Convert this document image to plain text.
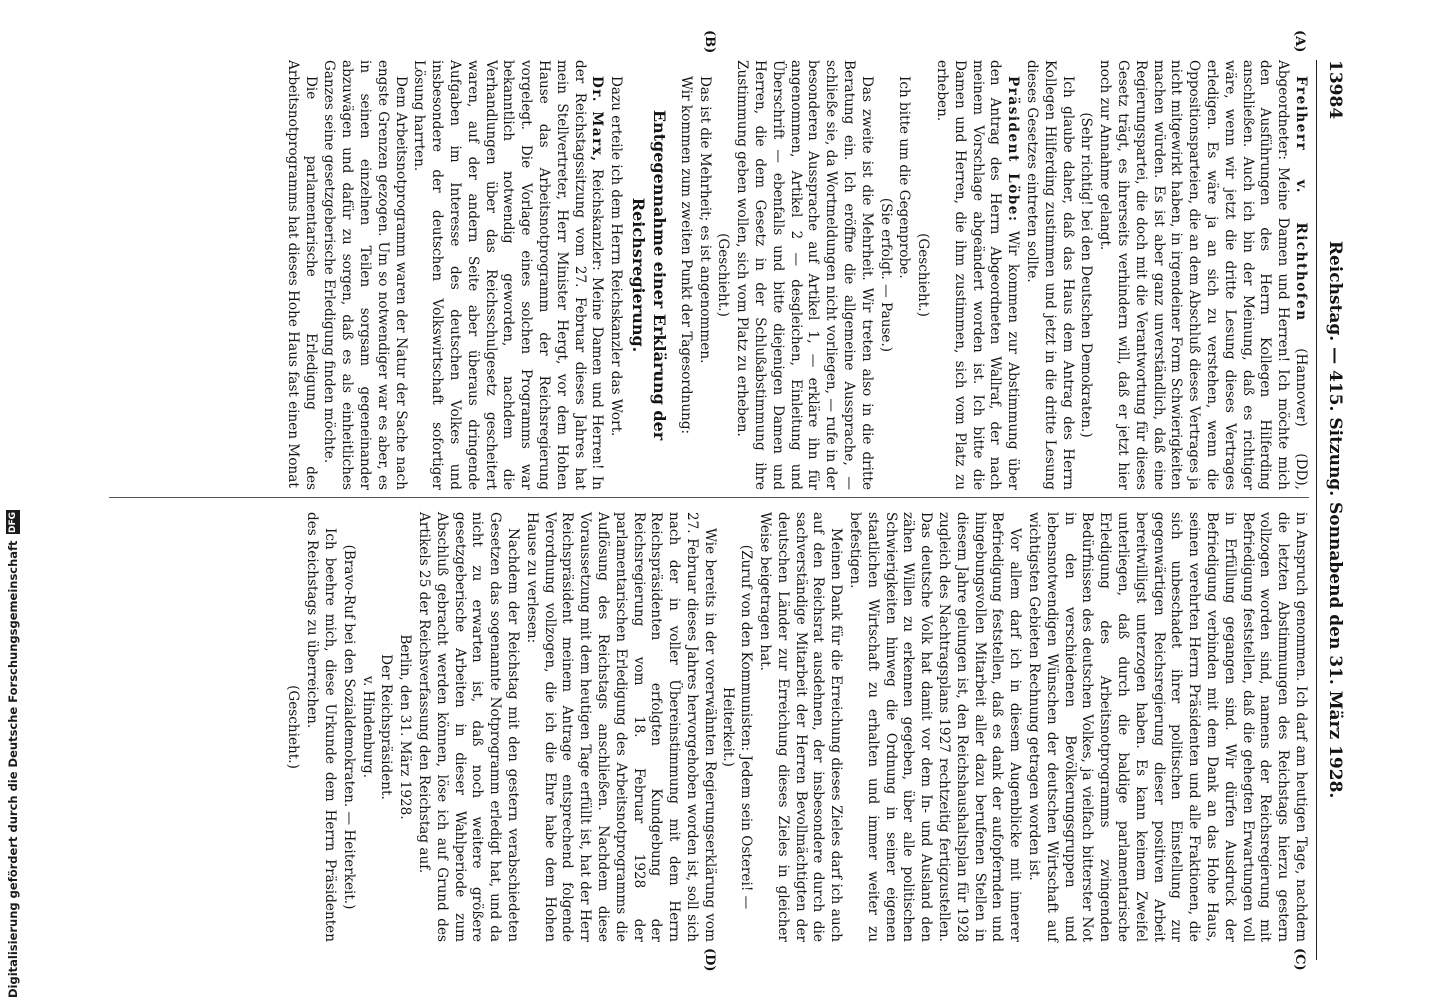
13984
Reichstag. — 415. Sitzung. Sonnabend den 31. März 1928.
(A)
(B)
(C)
(D)

Freiherr v. Richthofen (Hannover) (DD), Abgeordneter: Meine Damen und Herren! Ich möchte mich den Ausführungen des Herrn Kollegen Hilferding anschließen. Auch ich bin der Meinung, daß es richtiger wäre, wenn wir jetzt die dritte Lesung dieses Vertrages erledigen. Es wäre ja an sich zu verstehen, wenn die Oppositionsparteien, die an dem Abschluß dieses Vertrages ja nicht mitgewirkt haben, in irgendeiner Form Schwierigkeiten machen würden. Es ist aber ganz unverständlich, daß eine Regierungspartei, die doch mit die Verantwortung für dieses Gesetz trägt, es ihrerseits verhindern will, daß er jetzt hier noch zur Annahme gelangt.

(Sehr richtig! bei den Deutschen Demokraten.)

Ich glaube daher, daß das Haus dem Antrag des Herrn Kollegen Hilferding zustimmen und jetzt in die dritte Lesung dieses Gesetzes eintreten sollte.

Präsident Löbe: Wir kommen zur Abstimmung über den Antrag des Herrn Abgeordneten Wallraf, der nach meinem Vorschlage abgeändert worden ist. Ich bitte die Damen und Herren, die ihm zustimmen, sich vom Platz zu erheben.

(Geschieht.)

Ich bitte um die Gegenprobe.

(Sie erfolgt. — Pause.)

Das zweite ist die Mehrheit. Wir treten also in die dritte Beratung ein. Ich eröffne die allgemeine Aussprache, — schließe sie, da Wortmeldungen nicht vorliegen, — rufe in der besonderen Aussprache auf Artikel 1, — erkläre ihn für angenommen, Artikel 2 — desgleichen, Einleitung und Überschrift — ebenfalls und bitte diejenigen Damen und Herren, die dem Gesetz in der Schlußabstimmung ihre Zustimmung geben wollen, sich vom Platz zu erheben.

(Geschieht.)

Das ist die Mehrheit; es ist angenommen.

Wir kommen zum zweiten Punkt der Tagesordnung:

Entgegennahme einer Erklärung der Reichsregierung.

Dazu erteile ich dem Herrn Reichskanzler das Wort.

Dr. Marx, Reichskanzler: Meine Damen und Herren! In der Reichstagssitzung vom 27. Februar dieses Jahres hat mein Stellvertreter, Herr Minister Hergt, vor dem Hohen Hause das Arbeitsnotprogramm der Reichsregierung vorgelegt. Die Vorlage eines solchen Programms war bekanntlich notwendig geworden, nachdem die Verhandlungen über das Reichsschulgesetz gescheitert waren, auf der andern Seite aber überaus dringende Aufgaben im Interesse des deutschen Volkes und insbesondere der deutschen Volkswirtschaft sofortiger Lösung harrten.

Dem Arbeitsnotprogramm waren der Natur der Sache nach engste Grenzen gezogen. Um so notwendiger war es aber, es in seinen einzelnen Teilen sorgsam gegeneinander abzuwägen und dafür zu sorgen, daß es als einheitliches Ganzes seine gesetzgeberische Erledigung finden möchte.

Die parlamentarische Erledigung des Arbeitsnotprogramms hat dieses Hohe Haus fast einen Monat

in Anspruch genommen. Ich darf am heutigen Tage, nachdem die letzten Abstimmungen des Reichstags hierzu gestern vollzogen worden sind, namens der Reichsregierung mit Befriedigung feststellen, daß die gehegten Erwartungen voll in Erfüllung gegangen sind. Wir dürfen Ausdruck der Befriedigung verbinden mit dem Dank an das Hohe Haus, seinen verehrten Herrn Präsidenten und alle Fraktionen, die sich unbeschadet ihrer politischen Einstellung zur gegenwärtigen Reichsregierung dieser positiven Arbeit bereitwilligst unterzogen haben. Es kann keinem Zweifel unterliegen, daß durch die baldige parlamentarische Erledigung des Arbeitsnotprogramms zwingenden Bedürfnissen des deutschen Volkes, ja vielfach bitterster Not in den verschiedenen Bevölkerungsgruppen und lebensnotwendigen Wünschen der deutschen Wirtschaft auf wichtigsten Gebieten Rechnung getragen worden ist.

Vor allem darf ich in diesem Augenblicke mit innerer Befriedigung feststellen, daß es dank der aufopfernden und hingebungsvollen Mitarbeit aller dazu berufenen Stellen in diesem Jahre gelungen ist, den Reichshaushaltsplan für 1928 zugleich des Nachtragsplans 1927 rechtzeitig fertigzustellen. Das deutsche Volk hat damit vor dem In- und Ausland den zähen Willen zu erkennen gegeben, über alle politischen Schwierigkeiten hinweg die Ordnung in seiner eigenen staatlichen Wirtschaft zu erhalten und immer weiter zu befestigen.

Meinen Dank für die Erreichung dieses Zieles darf ich auch auf den Reichsrat ausdehnen, der insbesondere durch die sachverständige Mitarbeit der Herren Bevollmächtigten der deutschen Länder zur Erreichung dieses Zieles in gleicher Weise beigetragen hat.

(Zuruf von den Kommunisten: Jedem sein Osterei! — Heiterkeit.)

Wie bereits in der vorerwähnten Regierungserklärung vom 27. Februar dieses Jahres hervorgehoben worden ist, soll sich nach der in voller Übereinstimmung mit dem Herrn Reichspräsidenten erfolgten Kundgebung der Reichsregierung vom 18. Februar 1928 der parlamentarischen Erledigung des Arbeitsnotprogramms die Auflösung des Reichstags anschließen. Nachdem diese Voraussetzung mit dem heutigen Tage erfüllt ist, hat der Herr Reichspräsident meinem Antrage entsprechend folgende Verordnung vollzogen, die ich die Ehre habe dem Hohen Hause zu verlesen:

Nachdem der Reichstag mit den gestern verabschiedeten Gesetzen das sogenannte Notprogramm erledigt hat, und da nicht zu erwarten ist, daß noch weitere größere gesetzgeberische Arbeiten in dieser Wahlperiode zum Abschluß gebracht werden können, löse ich auf Grund des Artikels 25 der Reichsverfassung den Reichstag auf.

Berlin, den 31. März 1928.

Der Reichspräsident.

v. Hindenburg.

(Bravo-Ruf bei den Sozialdemokraten. — Heiterkeit.)

Ich beehre mich, diese Urkunde dem Herrn Präsidenten des Reichstags zu überreichen.

(Geschieht.)

Digitalisierung gefördert durch die Deutsche Forschungsgemeinschaft
DFG
